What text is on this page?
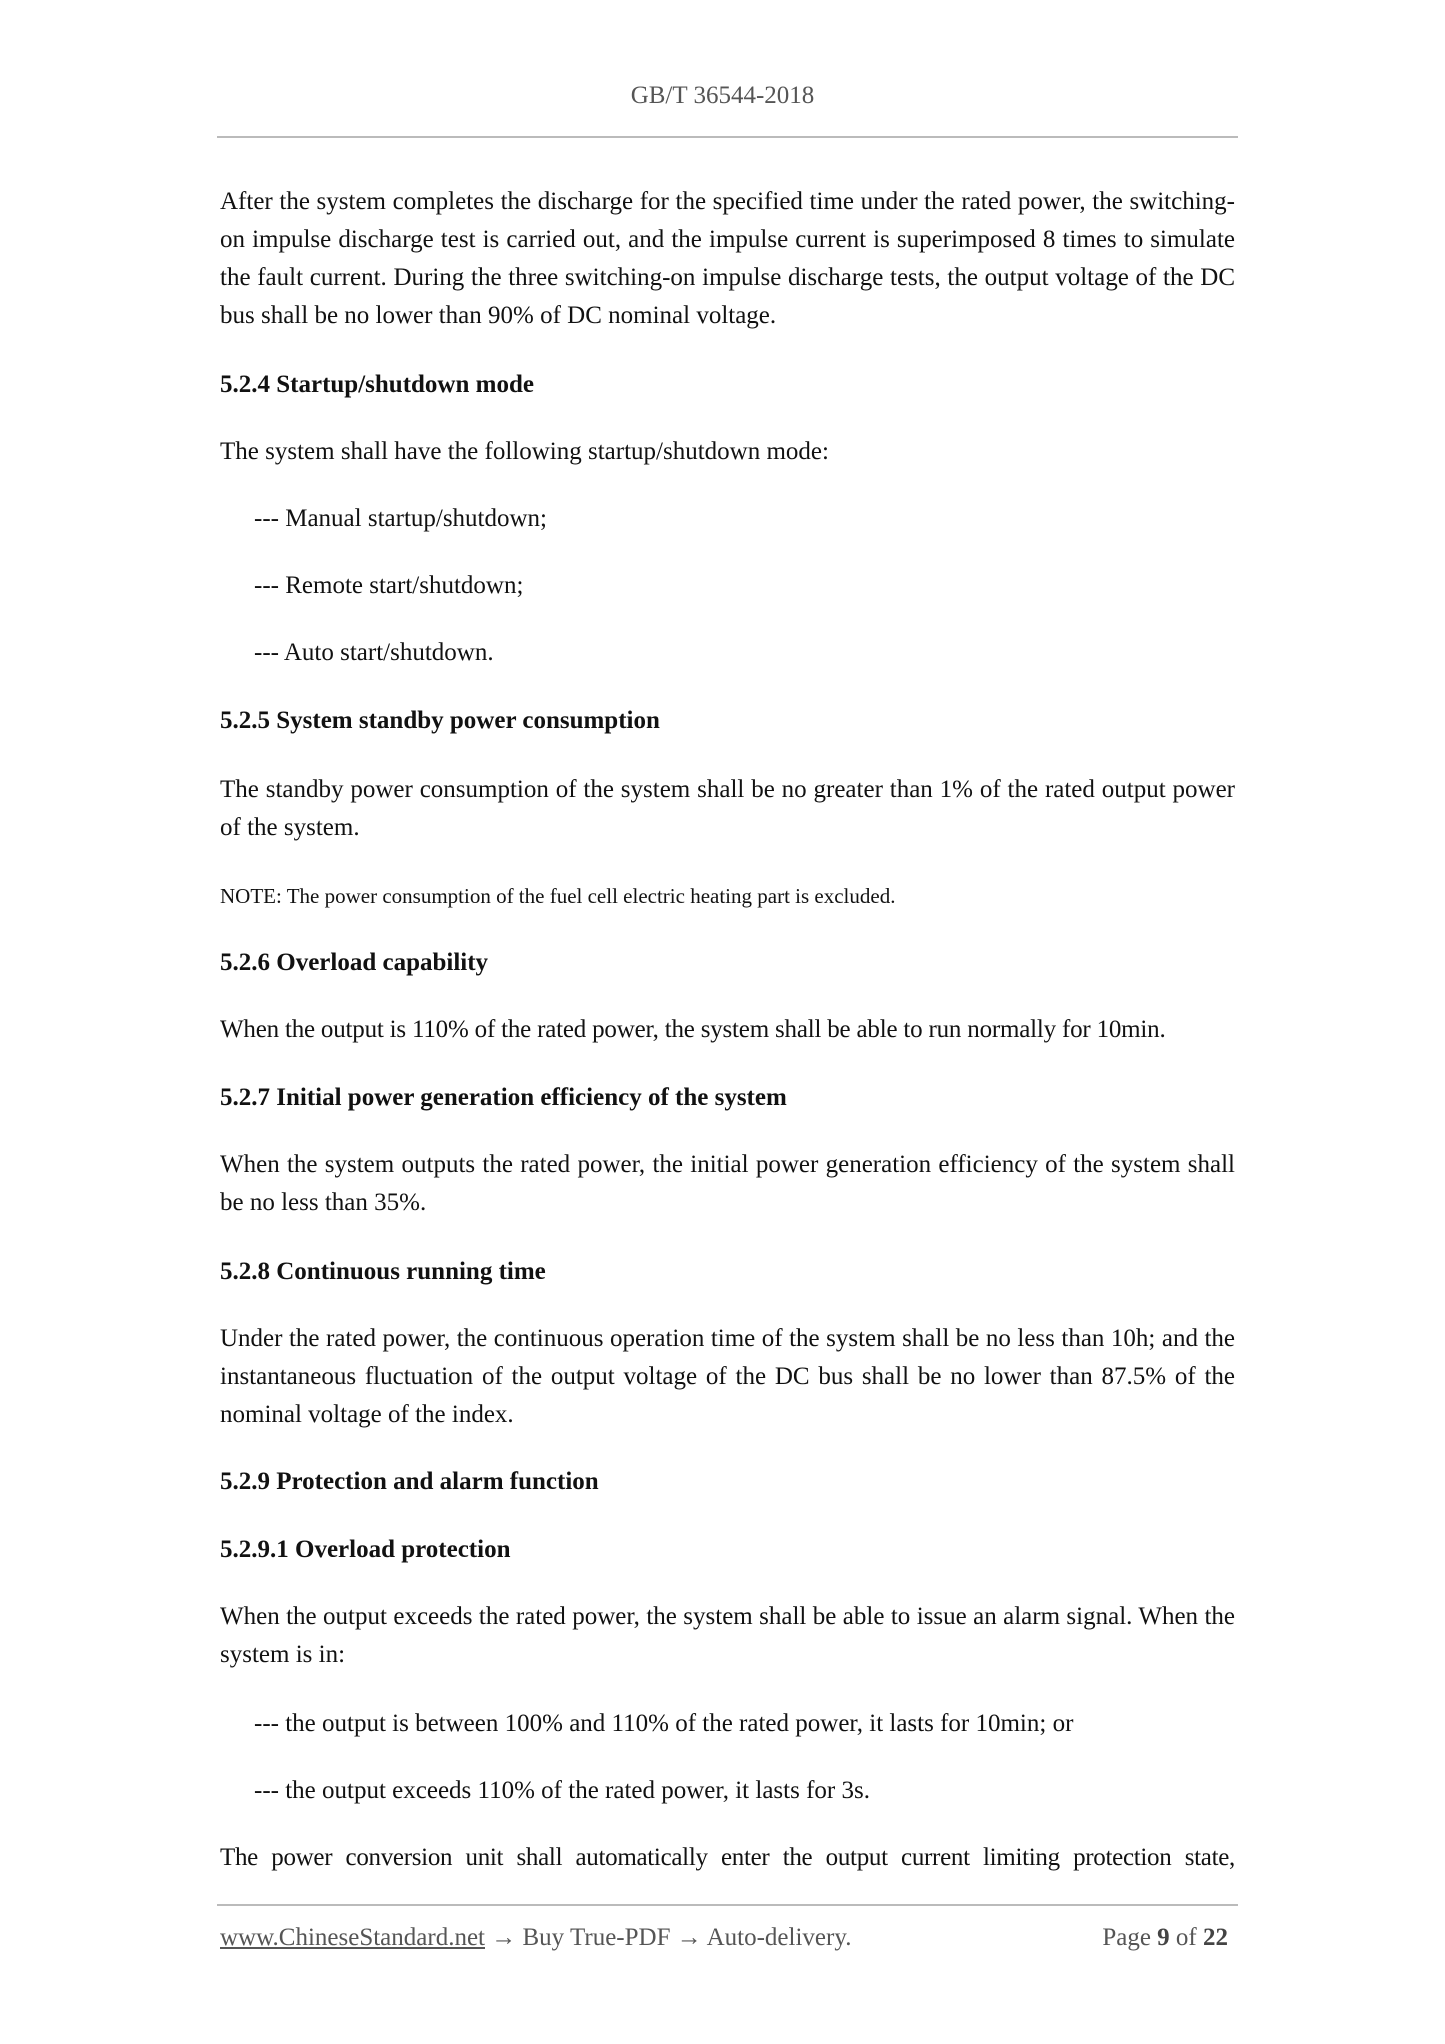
GB/T 36544-2018
After the system completes the discharge for the specified time under the rated power, the switching-on impulse discharge test is carried out, and the impulse current is superimposed 8 times to simulate the fault current. During the three switching-on impulse discharge tests, the output voltage of the DC bus shall be no lower than 90% of DC nominal voltage.
5.2.4 Startup/shutdown mode
The system shall have the following startup/shutdown mode:
--- Manual startup/shutdown;
--- Remote start/shutdown;
--- Auto start/shutdown.
5.2.5 System standby power consumption
The standby power consumption of the system shall be no greater than 1% of the rated output power of the system.
NOTE: The power consumption of the fuel cell electric heating part is excluded.
5.2.6 Overload capability
When the output is 110% of the rated power, the system shall be able to run normally for 10min.
5.2.7 Initial power generation efficiency of the system
When the system outputs the rated power, the initial power generation efficiency of the system shall be no less than 35%.
5.2.8 Continuous running time
Under the rated power, the continuous operation time of the system shall be no less than 10h; and the instantaneous fluctuation of the output voltage of the DC bus shall be no lower than 87.5% of the nominal voltage of the index.
5.2.9 Protection and alarm function
5.2.9.1 Overload protection
When the output exceeds the rated power, the system shall be able to issue an alarm signal. When the system is in:
--- the output is between 100% and 110% of the rated power, it lasts for 10min; or
--- the output exceeds 110% of the rated power, it lasts for 3s.
The power conversion unit shall automatically enter the output current limiting protection state,
www.ChineseStandard.net → Buy True-PDF → Auto-delivery.	Page 9 of 22
